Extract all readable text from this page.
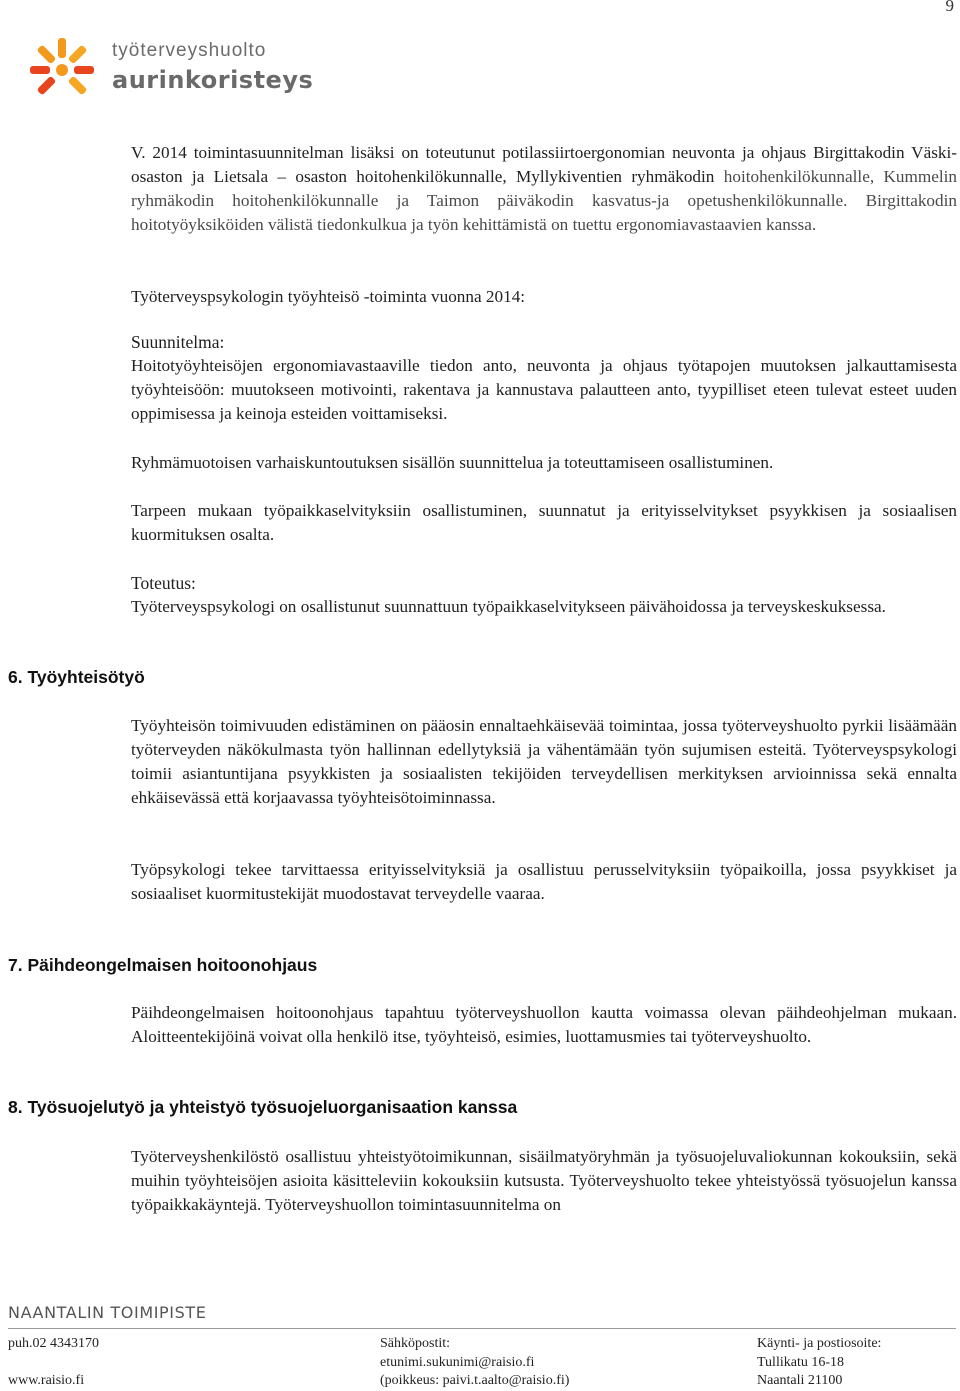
9
työterveyshuolto
aurinkoristeys
V. 2014 toimintasuunnitelman lisäksi on toteutunut potilassiirtoergonomian neuvonta ja ohjaus Birgittakodin Väski- osaston ja Lietsala – osaston hoitohenkilökunnalle, Myllykiventien ryhmäkodin hoitohenkilökunnalle, Kummelin ryhmäkodin hoitohenkilökunnalle ja Taimon päiväkodin kasvatus-ja opetushenkilökunnalle. Birgittakodin hoitotyöyksiköiden välistä tiedonkulkua ja työn kehittämistä on tuettu ergonomiavastaavien kanssa.
Työterveyspsykologin työyhteisö -toiminta vuonna 2014:
Suunnitelma:

Hoitotyöyhteisöjen ergonomiavastaaville tiedon anto, neuvonta ja ohjaus työtapojen muutoksen jalkauttamisesta työyhteisöön: muutokseen motivointi, rakentava ja kannustava palautteen anto, tyypilliset eteen tulevat esteet uuden oppimisessa ja keinoja esteiden voittamiseksi.

Ryhmämuotoisen varhaiskuntoutuksen sisällön suunnittelua ja toteuttamiseen osallistuminen.
Tarpeen mukaan työpaikkaselvityksiin osallistuminen, suunnatut ja erityisselvitykset psyykkisen ja sosiaalisen kuormituksen osalta.
Toteutus:

Työterveyspsykologi on osallistunut suunnattuun työpaikkaselvitykseen päivähoidossa ja terveyskeskuksessa.

6. Työyhteisötyö
Työyhteisön toimivuuden edistäminen on pääosin ennaltaehkäisevää toimintaa, jossa työterveyshuolto pyrkii lisäämään työterveyden näkökulmasta työn hallinnan edellytyksiä ja vähentämään työn sujumisen esteitä. Työterveyspsykologi toimii asiantuntijana psyykkisten ja sosiaalisten tekijöiden terveydellisen merkityksen arvioinnissa sekä ennalta ehkäisevässä että korjaavassa työyhteisötoiminnassa.
Työpsykologi tekee tarvittaessa erityisselvityksiä ja osallistuu perusselvityksiin työpaikoilla, jossa psyykkiset ja sosiaaliset kuormitustekijät muodostavat terveydelle vaaraa.
7. Päihdeongelmaisen hoitoonohjaus
Päihdeongelmaisen hoitoonohjaus tapahtuu työterveyshuollon kautta voimassa olevan päihdeohjelman mukaan. Aloitteentekijöinä voivat olla henkilö itse, työyhteisö, esimies, luottamusmies tai työterveyshuolto.
8. Työsuojelutyö ja yhteistyö työsuojeluorganisaation kanssa
Työterveyshenkilöstö osallistuu yhteistyötoimikunnan, sisäilmatyöryhmän ja työsuojeluvaliokunnan kokouksiin, sekä muihin työyhteisöjen asioita käsitteleviin kokouksiin kutsusta. Työterveyshuolto tekee yhteistyössä työsuojelun kanssa työpaikkakäyntejä. Työterveyshuollon toimintasuunnitelma on
NAANTALIN TOIMIPISTE
puh.02 4343170
www.raisio.fi
Sähköpostit:
etunimi.sukunimi@raisio.fi
(poikkeus: paivi.t.aalto@raisio.fi)
Käynti- ja postiosoite:
Tullikatu 16-18
Naantali 21100
